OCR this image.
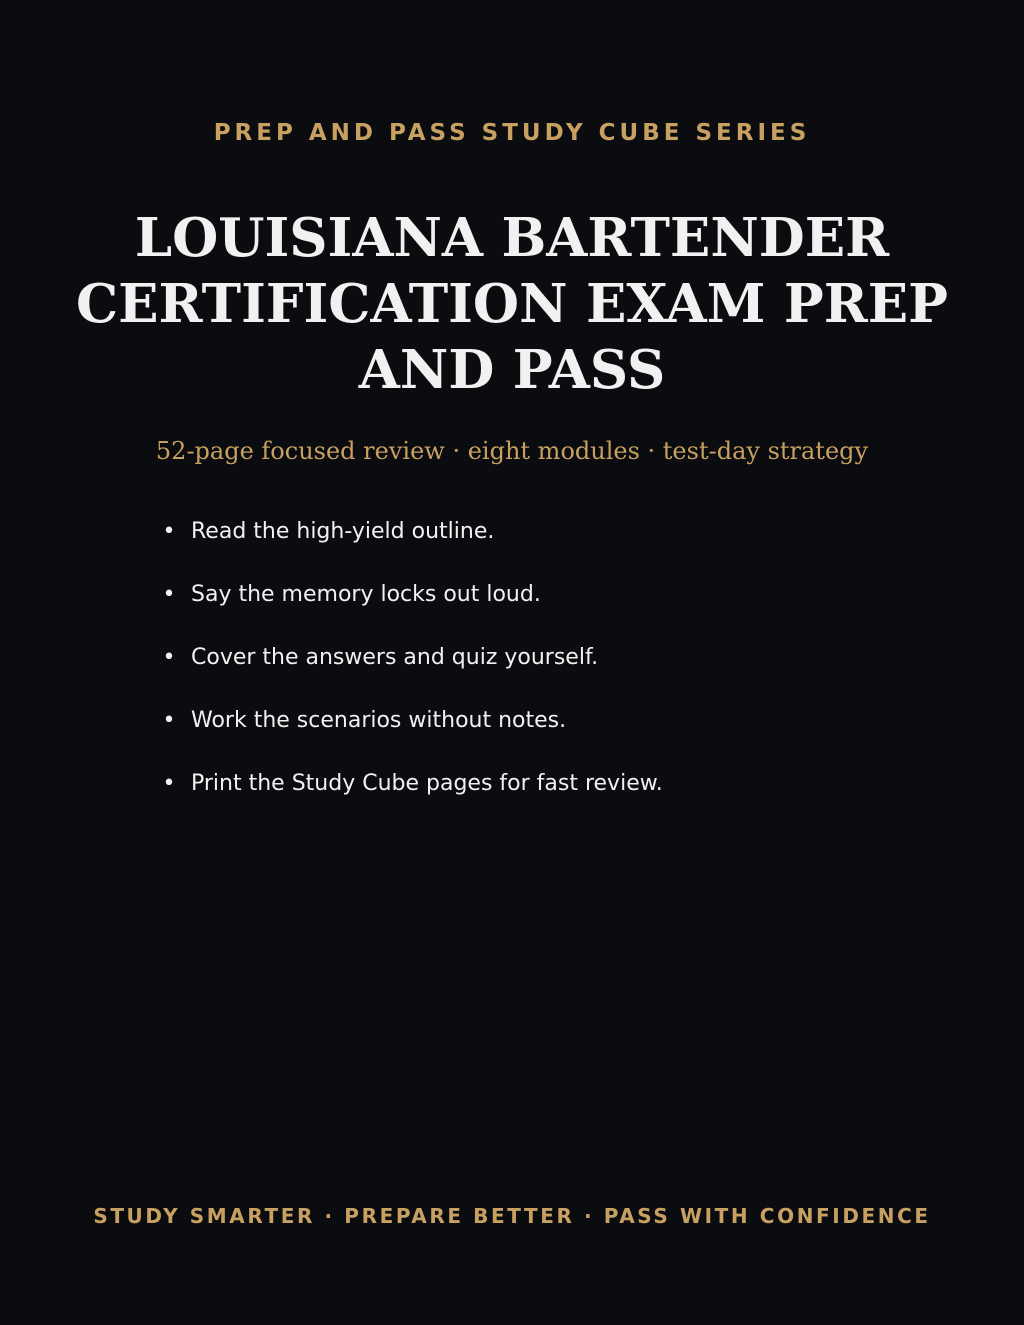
PREP AND PASS STUDY CUBE SERIES
LOUISIANA BARTENDER
CERTIFICATION EXAM PREP
AND PASS
52-page focused review · eight modules · test-day strategy
• Read the high-yield outline.
• Say the memory locks out loud.
• Cover the answers and quiz yourself.
• Work the scenarios without notes.
• Print the Study Cube pages for fast review.
STUDY SMARTER · PREPARE BETTER · PASS WITH CONFIDENCE
